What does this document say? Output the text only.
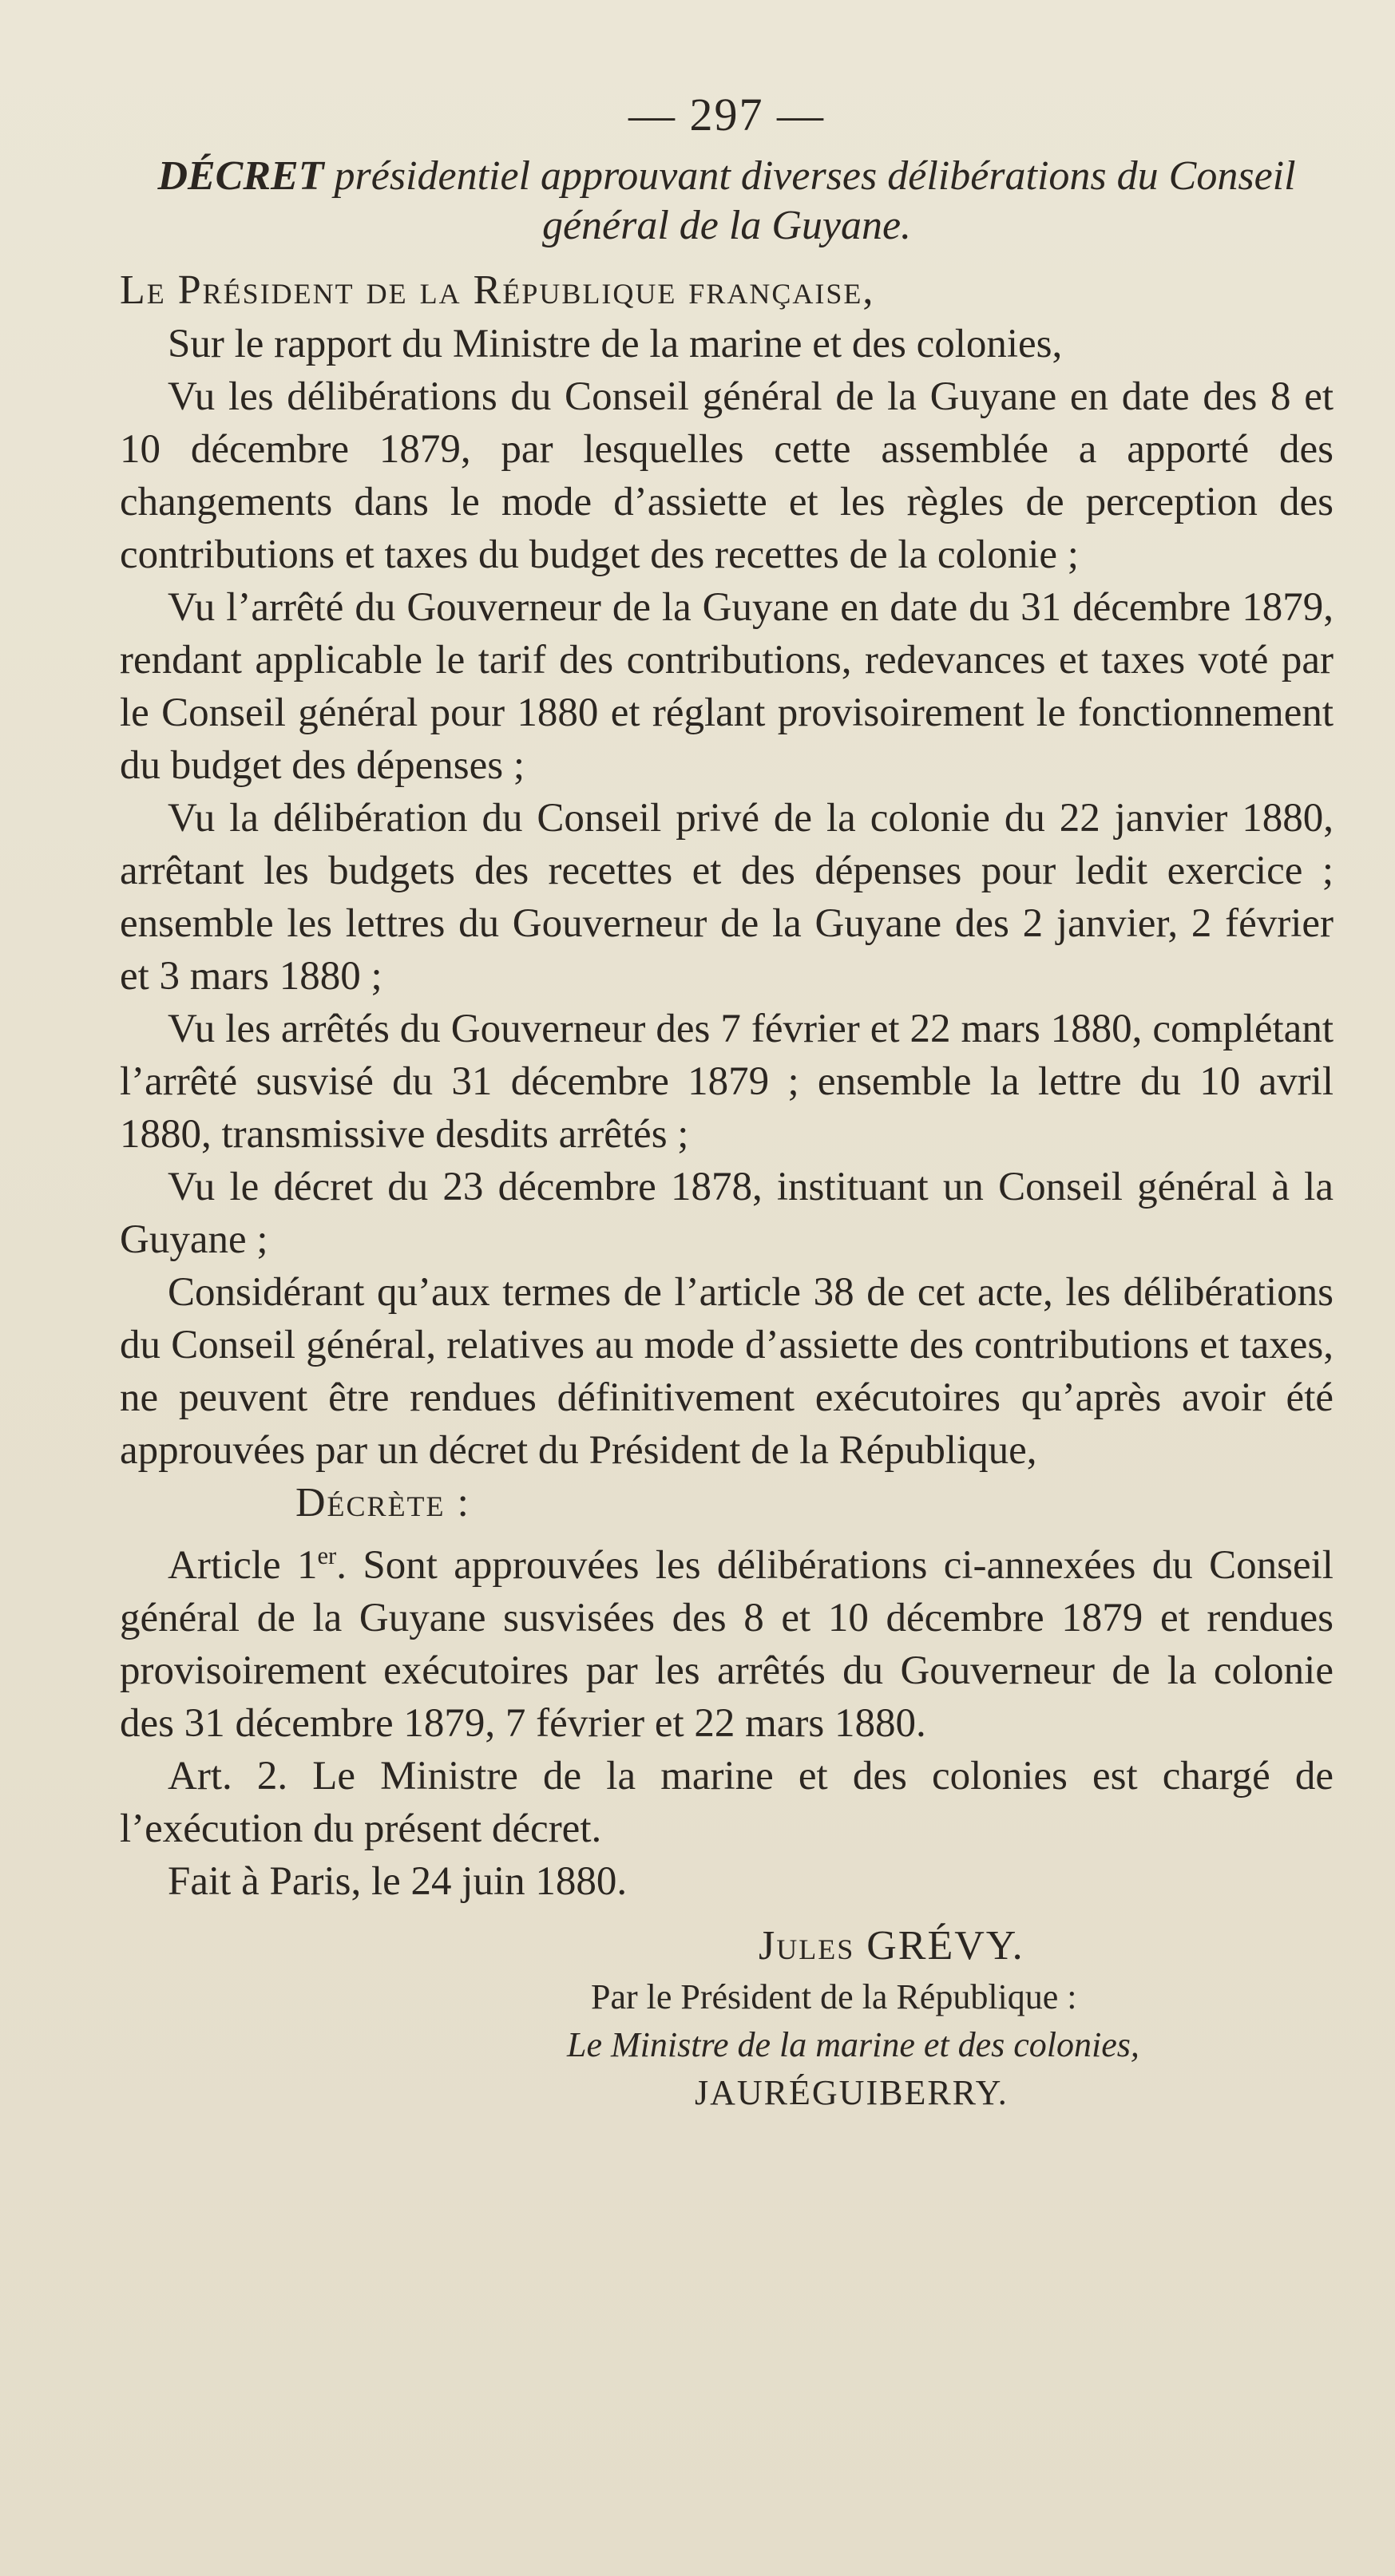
— 297 —
DÉCRET présidentiel approuvant diverses délibérations du Conseil général de la Guyane.
Le Président de la République française,

Sur le rapport du Ministre de la marine et des colonies,

Vu les délibérations du Conseil général de la Guyane en date des 8 et 10 décembre 1879, par lesquelles cette assemblée a apporté des changements dans le mode d’assiette et les règles de perception des contributions et taxes du budget des recettes de la colonie ;

Vu l’arrêté du Gouverneur de la Guyane en date du 31 décembre 1879, rendant applicable le tarif des contributions, redevances et taxes voté par le Conseil général pour 1880 et réglant provisoirement le fonctionnement du budget des dépenses ;

Vu la délibération du Conseil privé de la colonie du 22 janvier 1880, arrêtant les budgets des recettes et des dépenses pour ledit exercice ; ensemble les lettres du Gouverneur de la Guyane des 2 janvier, 2 février et 3 mars 1880 ;

Vu les arrêtés du Gouverneur des 7 février et 22 mars 1880, complétant l’arrêté susvisé du 31 décembre 1879 ; ensemble la lettre du 10 avril 1880, transmissive desdits arrêtés ;

Vu le décret du 23 décembre 1878, instituant un Conseil général à la Guyane ;

Considérant qu’aux termes de l’article 38 de cet acte, les délibérations du Conseil général, relatives au mode d’assiette des contributions et taxes, ne peuvent être rendues définitivement exécutoires qu’après avoir été approuvées par un décret du Président de la République,

Décrète :

Article 1er. Sont approuvées les délibérations ci-annexées du Conseil général de la Guyane susvisées des 8 et 10 décembre 1879 et rendues provisoirement exécutoires par les arrêtés du Gouverneur de la colonie des 31 décembre 1879, 7 février et 22 mars 1880.

Art. 2. Le Ministre de la marine et des colonies est chargé de l’exécution du présent décret.

Fait à Paris, le 24 juin 1880.
Jules GRÉVY.
Par le Président de la République :
Le Ministre de la marine et des colonies,
JAURÉGUIBERRY.
